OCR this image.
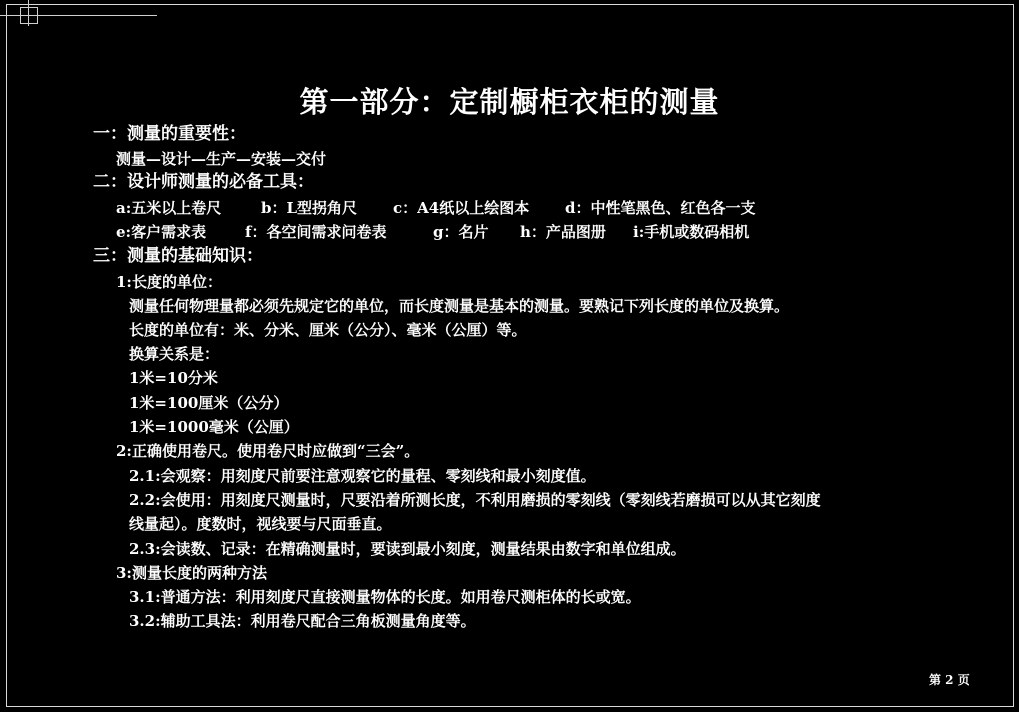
第一部分：定制橱柜衣柜的测量
一：测量的重要性：
测量—设计—生产—安装—交付
二：设计师测量的必备工具：
a:五米以上卷尺	b：L型拐角尺 c：A4纸以上绘图本 d：中性笔黑色、红色各一支
e:客户需求表	f：各空间需求问卷表	g：名片 h：产品图册 i:手机或数码相机
三：测量的基础知识：
1:长度的单位：
测量任何物理量都必须先规定它的单位，而长度测量是基本的测量。要熟记下列长度的单位及换算。
长度的单位有：米、分米、厘米（公分）、毫米（公厘）等。
换算关系是：
1米=10分米
1米=100厘米（公分）
1米=1000毫米（公厘）
2:正确使用卷尺。使用卷尺时应做到“三会”。
2.1:会观察：用刻度尺前要注意观察它的量程、零刻线和最小刻度值。
2.2:会使用：用刻度尺测量时，尺要沿着所测长度，不利用磨损的零刻线（零刻线若磨损可以从其它刻度
线量起）。度数时，视线要与尺面垂直。
2.3:会读数、记录：在精确测量时，要读到最小刻度，测量结果由数字和单位组成。
3:测量长度的两种方法
3.1:普通方法：利用刻度尺直接测量物体的长度。如用卷尺测柜体的长或宽。
3.2:辅助工具法：利用卷尺配合三角板测量角度等。
第 2 页
